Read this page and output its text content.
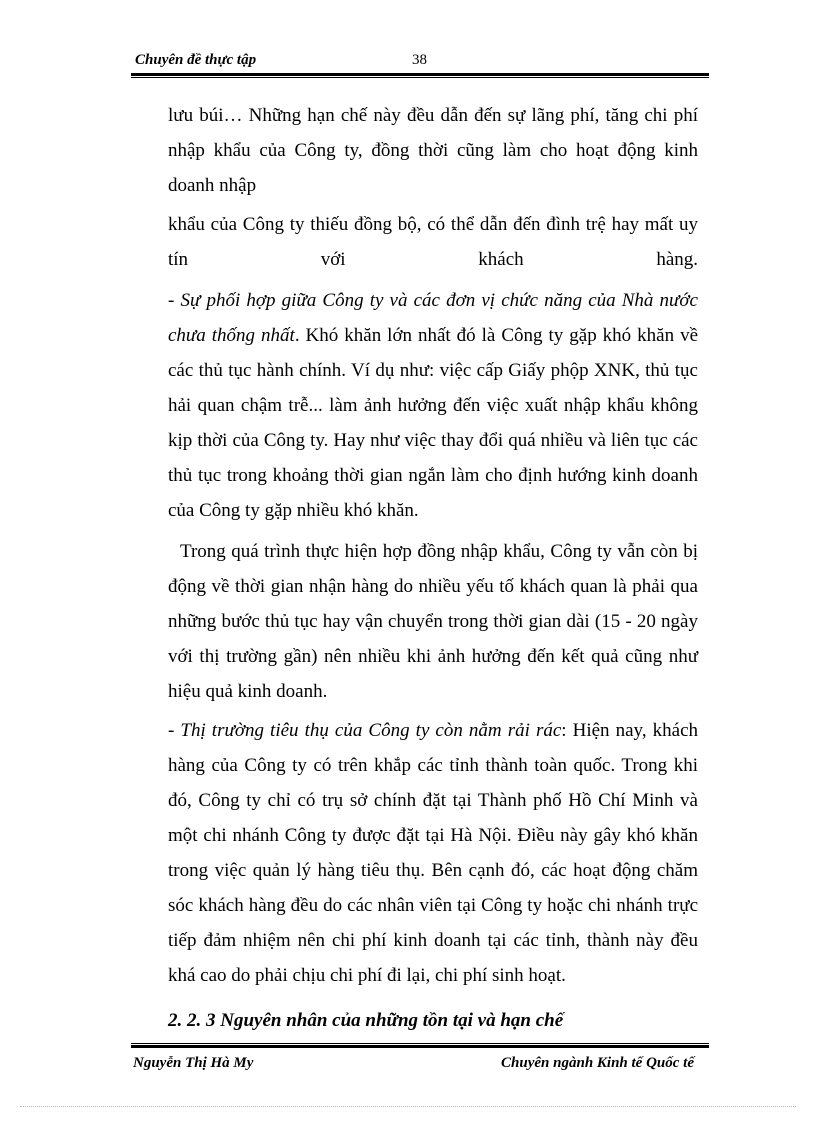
Chuyên đề thực tập	38

lưu búi… Những hạn chế này đều dẫn đến sự lãng phí, tăng chi phí nhập khẩu của Công ty, đồng thời cũng làm cho hoạt động kinh doanh nhập

khẩu của Công ty thiếu đồng bộ, có thể dẫn đến đình trệ hay mất uy tín với khách hàng.

- Sự phối hợp giữa Công ty và các đơn vị chức năng của Nhà nước chưa thống nhất. Khó khăn lớn nhất đó là Công ty gặp khó khăn về các thủ tục hành chính. Ví dụ như: việc cấp Giấy phộp XNK, thủ tục hải quan chậm trễ... làm ảnh hưởng đến việc xuất nhập khẩu không kịp thời của Công ty. Hay như việc thay đổi quá nhiều và liên tục các thủ tục trong khoảng thời gian ngắn làm cho định hướng kinh doanh của Công ty gặp nhiều khó khăn.

Trong quá trình thực hiện hợp đồng nhập khẩu, Công ty vẫn còn bị động về thời gian nhận hàng do nhiều yếu tố khách quan là phải qua những bước thủ tục hay vận chuyển trong thời gian dài (15 - 20 ngày với thị trường gần) nên nhiều khi ảnh hưởng đến kết quả cũng như hiệu quả kinh doanh.

- Thị trường tiêu thụ của Công ty còn nằm rải rác: Hiện nay, khách hàng của Công ty có trên khắp các tỉnh thành toàn quốc. Trong khi đó, Công ty chỉ có trụ sở chính đặt tại Thành phố Hồ Chí Minh và một chi nhánh Công ty được đặt tại Hà Nội. Điều này gây khó khăn trong việc quản lý hàng tiêu thụ. Bên cạnh đó, các hoạt động chăm sóc khách hàng đều do các nhân viên tại Công ty hoặc chi nhánh trực tiếp đảm nhiệm nên chi phí kinh doanh tại các tỉnh, thành này đều khá cao do phải chịu chi phí đi lại, chi phí sinh hoạt.

2. 2. 3 Nguyên nhân của những tồn tại và hạn chế
Nguyễn Thị Hà My	Chuyên ngành Kinh tế Quốc tế
